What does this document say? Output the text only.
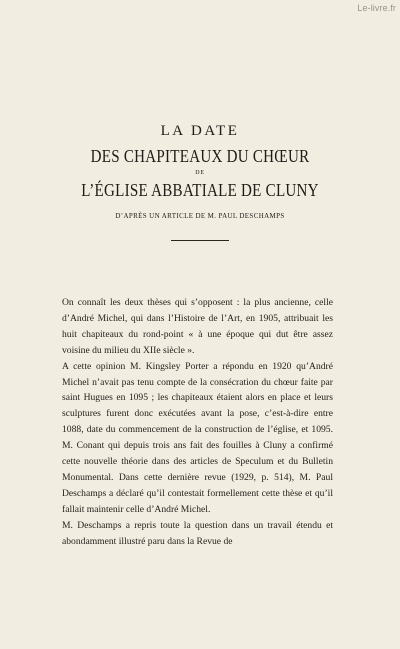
Le-livre.fr
LA DATE
DES CHAPITEAUX DU CHŒUR
DE
L’ÉGLISE ABBATIALE DE CLUNY
D’APRÈS UN ARTICLE DE M. PAUL DESCHAMPS

On connaît les deux thèses qui s’opposent : la plus ancienne, celle d’André Michel, qui dans l’Histoire de l’Art, en 1905, attribuait les huit chapiteaux du rond-point « à une époque qui dut être assez voisine du milieu du XIIe siècle ».

A cette opinion M. Kingsley Porter a répondu en 1920 qu’André Michel n’avait pas tenu compte de la consécration du chœur faite par saint Hugues en 1095 ; les chapiteaux étaient alors en place et leurs sculptures furent donc exécutées avant la pose, c’est-à-dire entre 1088, date du commencement de la construction de l’église, et 1095. M. Conant qui depuis trois ans fait des fouilles à Cluny a confirmé cette nouvelle théorie dans des articles de Speculum et du Bulletin Monumental. Dans cette dernière revue (1929, p. 514), M. Paul Deschamps a déclaré qu’il contestait formellement cette thèse et qu’il fallait maintenir celle d’André Michel.

M. Deschamps a repris toute la question dans un travail étendu et abondamment illustré paru dans la Revue de
